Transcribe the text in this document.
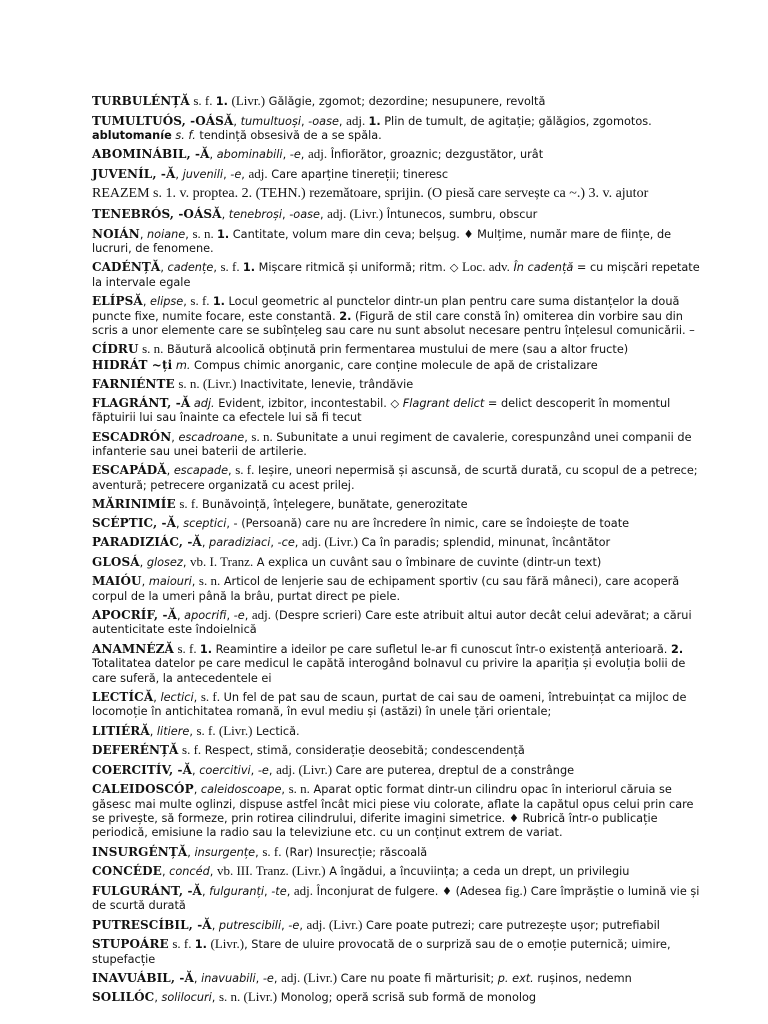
TURBULÉNȚĂ s. f. 1. (Livr.) Gălăgie, zgomot; dezordine; nesupunere, revoltă
TUMULTUÓS, -OÁSĂ, tumultuoși, -oase, adj. 1. Plin de tumult, de agitație; gălăgios, zgomotos.
ablutomaníe s. f. tendință obsesivă de a se spăla.
ABOMINÁBIL, -Ă, abominabili, -e, adj. Înfiorător, groaznic; dezgustător, urât
JUVENÍL, -Ă, juvenili, -e, adj. Care aparține tinereții; tineresc
REAZEM s. 1. v. proptea. 2. (TEHN.) rezemătoare, sprijin. (O piesă care servește ca ~.) 3. v. ajutor
TENEBRÓS, -OÁSĂ, tenebroși, -oase, adj. (Livr.) Întunecos, sumbru, obscur
NOIÁN, noiane, s. n. 1. Cantitate, volum mare din ceva; belșug. ♦ Mulțime, număr mare de ființe, de lucruri, de fenomene.
CADÉNȚĂ, cadențe, s. f. 1. Mișcare ritmică și uniformă; ritm. ◇ Loc. adv. În cadență = cu mișcări repetate la intervale egale
ELÍPSĂ, elipse, s. f. 1. Locul geometric al punctelor dintr-un plan pentru care suma distanțelor la două puncte fixe, numite focare, este constantă. 2. (Figură de stil care constă în) omiterea din vorbire sau din scris a unor elemente care se subînțeleg sau care nu sunt absolut necesare pentru înțelesul comunicării. –
CÍDRU s. n. Băutură alcoolică obținută prin fermentarea mustului de mere (sau a altor fructe)
HIDRÁT ~ți m. Compus chimic anorganic, care conține molecule de apă de cristalizare
FARNIÉNTE s. n. (Livr.) Inactivitate, lenevie, trândăvie
FLAGRÁNT, -Ă adj. Evident, izbitor, incontestabil. ◇ Flagrant delict = delict descoperit în momentul făptuirii lui sau înainte ca efectele lui să fi tecut
ESCADRÓN, escadroane, s. n. Subunitate a unui regiment de cavalerie, corespunzând unei companii de infanterie sau unei baterii de artilerie.
ESCAPÁDĂ, escapade, s. f. Ieșire, uneori nepermisă și ascunsă, de scurtă durată, cu scopul de a petrece; aventură; petrecere organizată cu acest prilej.
MĂRINIMÍE s. f. Bunăvoință, înțelegere, bunătate, generozitate
SCÉPTIC, -Ă, sceptici, - (Persoană) care nu are încredere în nimic, care se îndoiește de toate
PARADIZIÁC, -Ă, paradiziaci, -ce, adj. (Livr.) Ca în paradis; splendid, minunat, încântător
GLOSÁ, glosez, vb. I. Tranz. A explica un cuvânt sau o îmbinare de cuvinte (dintr-un text)
MAIÓU, maiouri, s. n. Articol de lenjerie sau de echipament sportiv (cu sau fără mâneci), care acoperă corpul de la umeri până la brâu, purtat direct pe piele.
APOCRÍF, -Ă, apocrifi, -e, adj. (Despre scrieri) Care este atribuit altui autor decât celui adevărat; a cărui autenticitate este îndoielnică
ANAMNÉZĂ s. f. 1. Reamintire a ideilor pe care sufletul le-ar fi cunoscut într-o existență anterioară. 2. Totalitatea datelor pe care medicul le capătă interogând bolnavul cu privire la apariția și evoluția bolii de care suferă, la antecedentele ei
LECTÍCĂ, lectici, s. f. Un fel de pat sau de scaun, purtat de cai sau de oameni, întrebuințat ca mijloc de locomoție în antichitatea romană, în evul mediu și (astăzi) în unele țări orientale;
LITIÉRĂ, litiere, s. f. (Livr.) Lectică.
DEFERÉNȚĂ s. f. Respect, stimă, considerație deosebită; condescendență
COERCITÍV, -Ă, coercitivi, -e, adj. (Livr.) Care are puterea, dreptul de a constrânge
CALEIDOSCÓP, caleidoscoape, s. n. Aparat optic format dintr-un cilindru opac în interiorul căruia se găsesc mai multe oglinzi, dispuse astfel încât mici piese viu colorate, aflate la capătul opus celui prin care se privește, să formeze, prin rotirea cilindrului, diferite imagini simetrice. ♦ Rubrică într-o publicație periodică, emisiune la radio sau la televiziune etc. cu un conținut extrem de variat.
INSURGÉNȚĂ, insurgențe, s. f. (Rar) Insurecție; răscoală
CONCÉDE, concéd, vb. III. Tranz. (Livr.) A îngădui, a încuviința; a ceda un drept, un privilegiu
FULGURÁNT, -Ă, fulguranți, -te, adj. Înconjurat de fulgere. ♦ (Adesea fig.) Care împrăștie o lumină vie și de scurtă durată
PUTRESCÍBIL, -Ă, putrescibili, -e, adj. (Livr.) Care poate putrezi; care putrezește ușor; putrefiabil
STUPOÁRE s. f. 1. (Livr.), Stare de uluire provocată de o surpriză sau de o emoție puternică; uimire, stupefacție
INAVUÁBIL, -Ă, inavuabili, -e, adj. (Livr.) Care nu poate fi mărturisit; p. ext. rușinos, nedemn
SOLILÓC, solilocuri, s. n. (Livr.) Monolog; operă scrisă sub formă de monolog
